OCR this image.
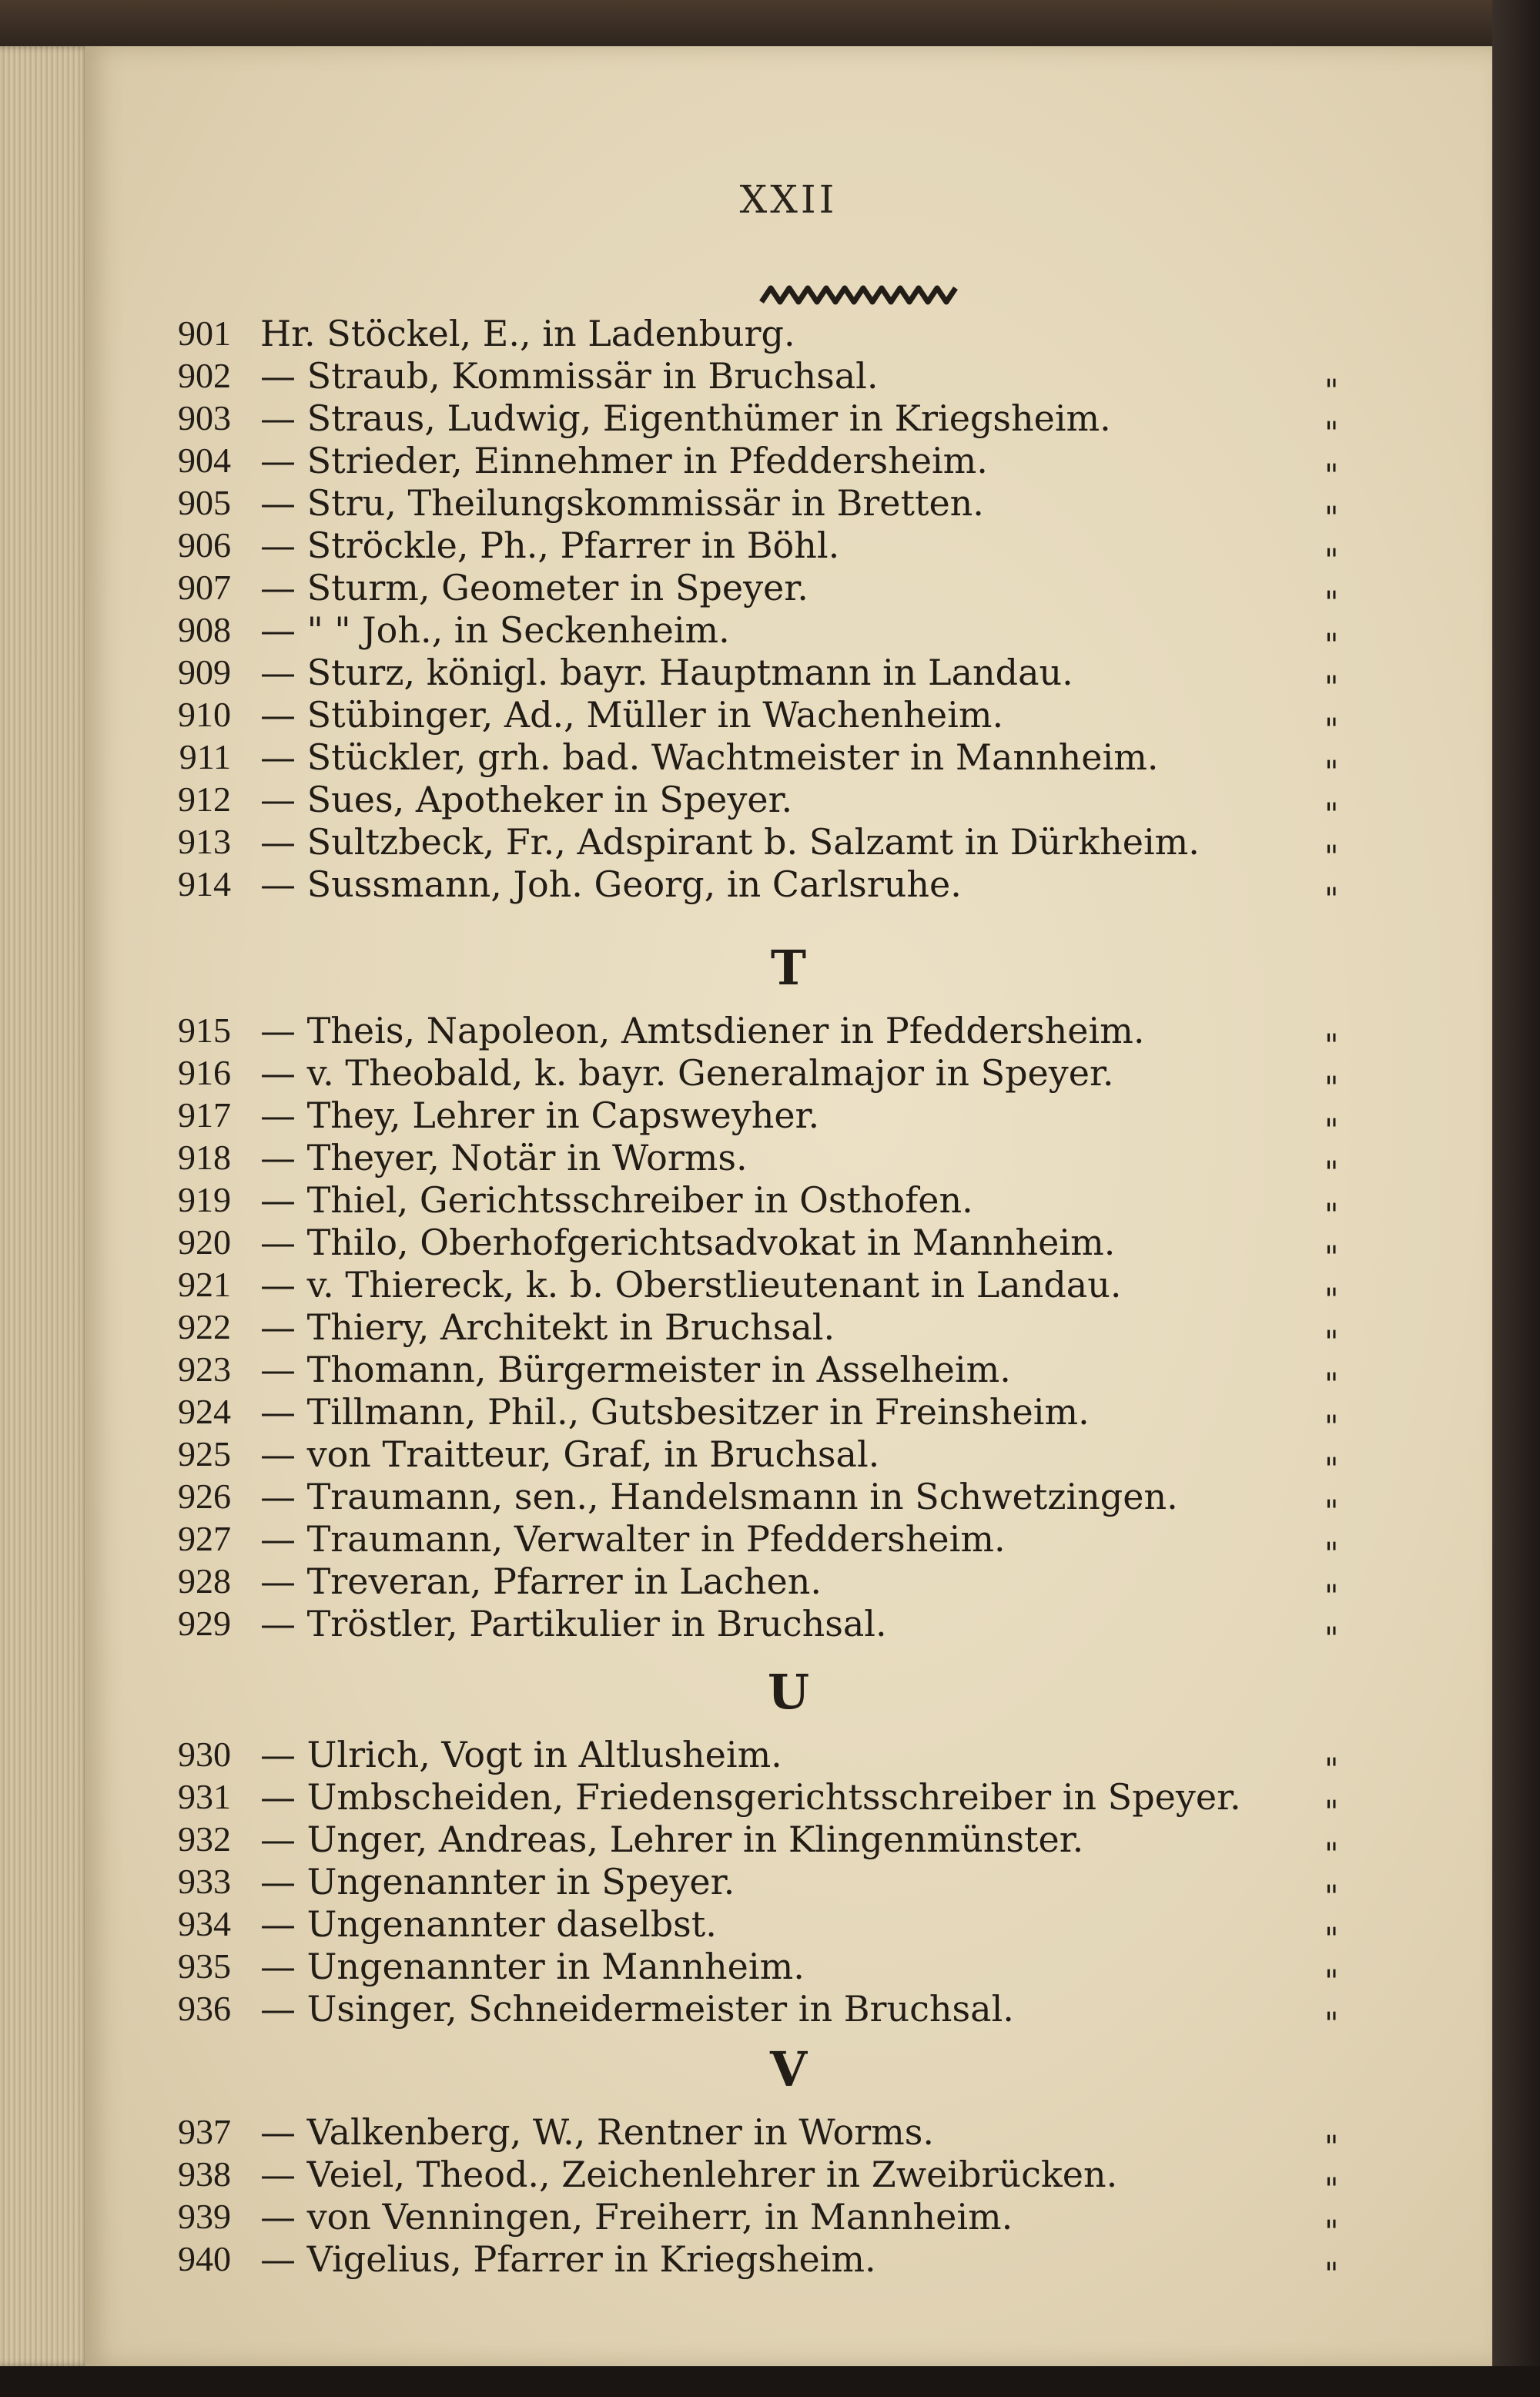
XXII
901 Hr. Stöckel, E., in Ladenburg.
902 — Straub, Kommissär in Bruchsal.	"
903 — Straus, Ludwig, Eigenthümer in Kriegsheim.	"
904 — Strieder, Einnehmer in Pfeddersheim.	"
905 — Stru, Theilungskommissär in Bretten.	"
906 — Ströckle, Ph., Pfarrer in Böhl.	"
907 — Sturm, Geometer in Speyer.	"
908 — " " Joh., in Seckenheim.	"
909 — Sturz, königl. bayr. Hauptmann in Landau.	"
910 — Stübinger, Ad., Müller in Wachenheim.	"
911 — Stückler, grh. bad. Wachtmeister in Mannheim.	"
912 — Sues, Apotheker in Speyer.	"
913 — Sultzbeck, Fr., Adspirant b. Salzamt in Dürkheim.	"
914 — Sussmann, Joh. Georg, in Carlsruhe.	"
915 — Theis, Napoleon, Amtsdiener in Pfeddersheim.	"
916 — v. Theobald, k. bayr. Generalmajor in Speyer.	"
917 — They, Lehrer in Capsweyher.	"
918 — Theyer, Notär in Worms.	"
919 — Thiel, Gerichtsschreiber in Osthofen.	"
920 — Thilo, Oberhofgerichtsadvokat in Mannheim.	"
921 — v. Thiereck, k. b. Oberstlieutenant in Landau.	"
922 — Thiery, Architekt in Bruchsal.	"
923 — Thomann, Bürgermeister in Asselheim.	"
924 — Tillmann, Phil., Gutsbesitzer in Freinsheim.	"
925 — von Traitteur, Graf, in Bruchsal.	"
926 — Traumann, sen., Handelsmann in Schwetzingen.	"
927 — Traumann, Verwalter in Pfeddersheim.	"
928 — Treveran, Pfarrer in Lachen.	"
929 — Tröstler, Partikulier in Bruchsal.	"
930 — Ulrich, Vogt in Altlusheim.	"
931 — Umbscheiden, Friedensgerichtsschreiber in Speyer.	"
932 — Unger, Andreas, Lehrer in Klingenmünster.	"
933 — Ungenannter in Speyer.	"
934 — Ungenannter daselbst.	"
935 — Ungenannter in Mannheim.	"
936 — Usinger, Schneidermeister in Bruchsal.	"
937 — Valkenberg, W., Rentner in Worms.	"
938 — Veiel, Theod., Zeichenlehrer in Zweibrücken.	"
939 — von Venningen, Freiherr, in Mannheim.	"
940 — Vigelius, Pfarrer in Kriegsheim.	"
T
U
V
